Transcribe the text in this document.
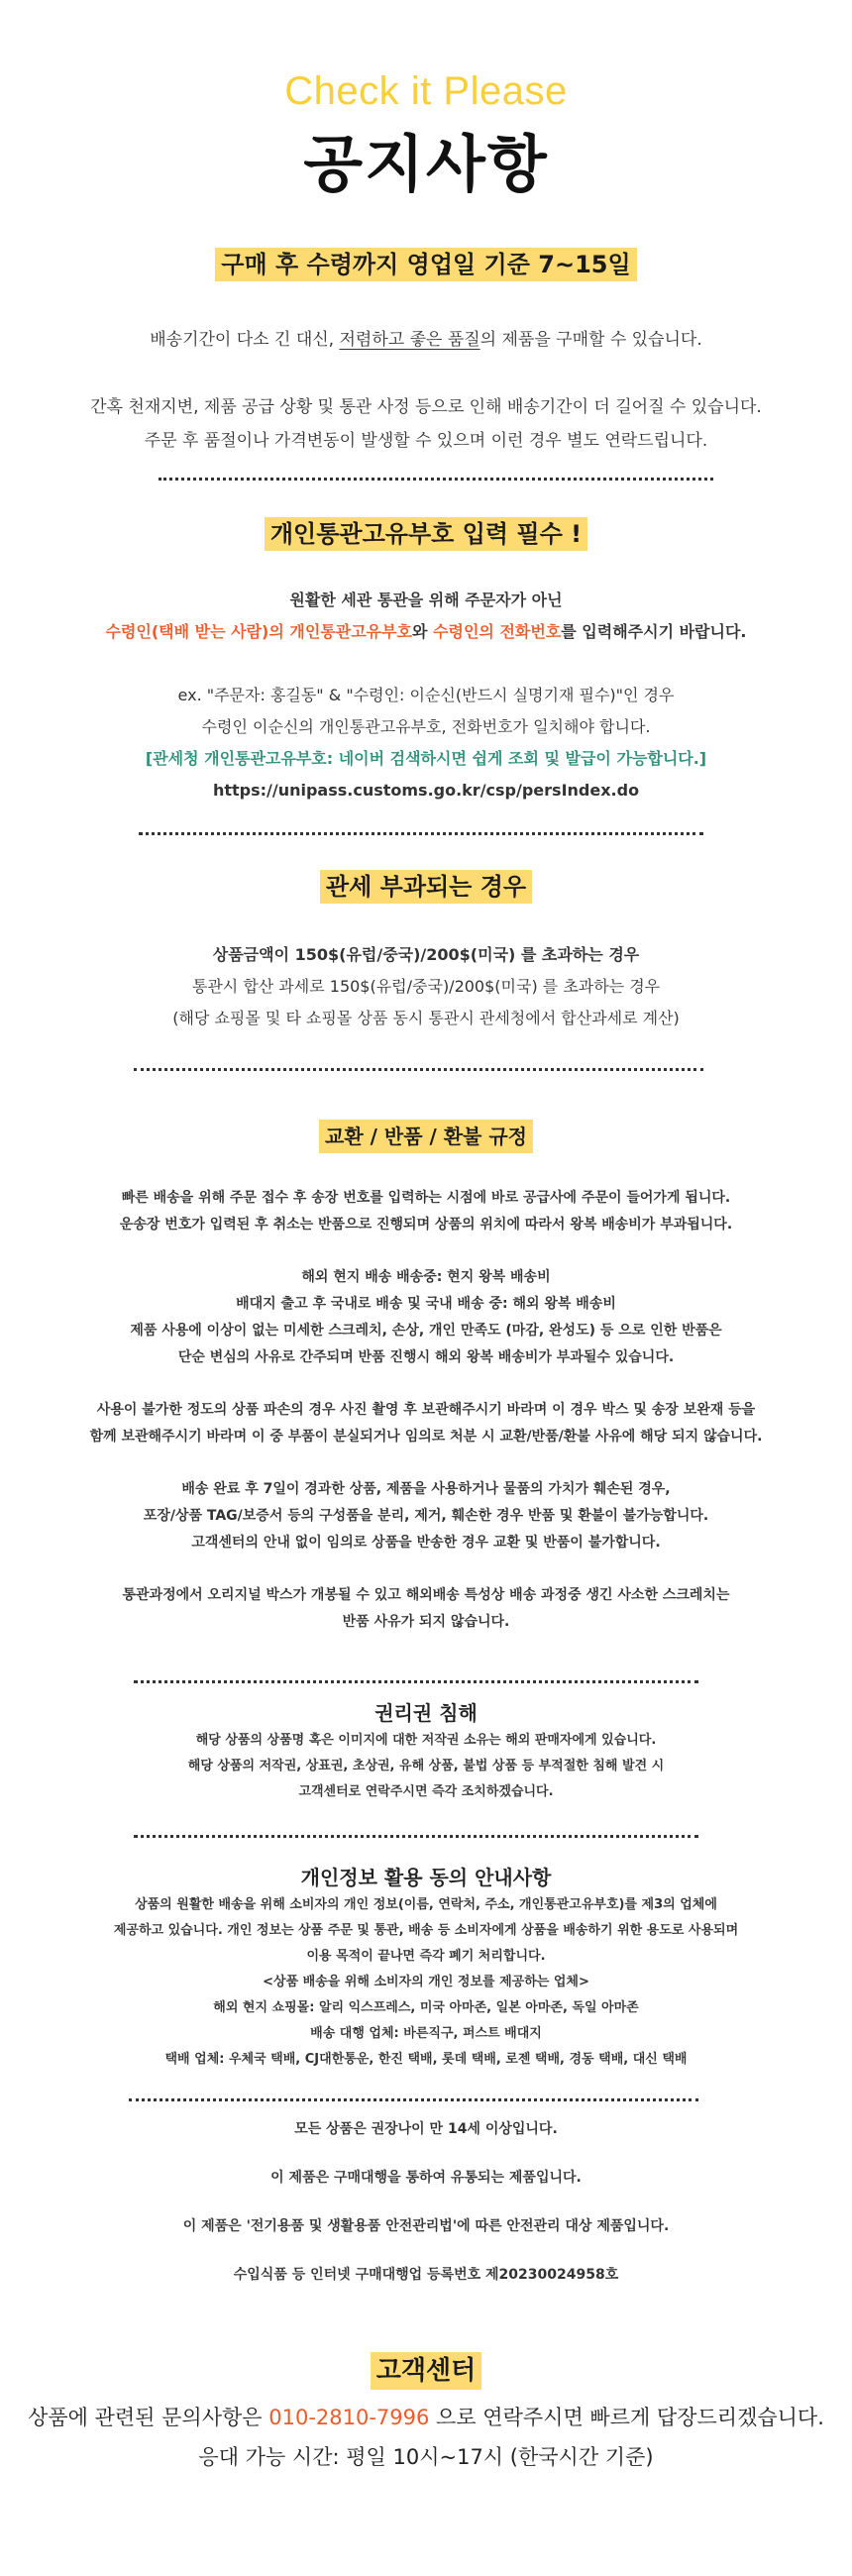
Check it Please
공지사항
구매 후 수령까지 영업일 기준 7~15일
배송기간이 다소 긴 대신, 저렴하고 좋은 품질의 제품을 구매할 수 있습니다.
간혹 천재지변, 제품 공급 상황 및 통관 사정 등으로 인해 배송기간이 더 길어질 수 있습니다.
주문 후 품절이나 가격변동이 발생할 수 있으며 이런 경우 별도 연락드립니다.
개인통관고유부호 입력 필수 !
원활한 세관 통관을 위해 주문자가 아닌
수령인(택배 받는 사람)의 개인통관고유부호와 수령인의 전화번호를 입력해주시기 바랍니다.
ex. "주문자: 홍길동" & "수령인: 이순신(반드시 실명기재 필수)"인 경우
수령인 이순신의 개인통관고유부호, 전화번호가 일치해야 합니다.
[관세청 개인통관고유부호: 네이버 검색하시면 쉽게 조회 및 발급이 가능합니다.]
https://unipass.customs.go.kr/csp/persIndex.do
관세 부과되는 경우
상품금액이 150$(유럽/중국)/200$(미국) 를 초과하는 경우
통관시 합산 과세로 150$(유럽/중국)/200$(미국) 를 초과하는 경우
(해당 쇼핑몰 및 타 쇼핑몰 상품 동시 통관시 관세청에서 합산과세로 계산)
교환 / 반품 / 환불 규정
빠른 배송을 위해 주문 접수 후 송장 번호를 입력하는 시점에 바로 공급사에 주문이 들어가게 됩니다.
운송장 번호가 입력된 후 취소는 반품으로 진행되며 상품의 위치에 따라서 왕복 배송비가 부과됩니다.
해외 현지 배송 배송중: 현지 왕복 배송비
배대지 출고 후 국내로 배송 및 국내 배송 중: 해외 왕복 배송비
제품 사용에 이상이 없는 미세한 스크레치, 손상, 개인 만족도 (마감, 완성도) 등 으로 인한 반품은
단순 변심의 사유로 간주되며 반품 진행시 해외 왕복 배송비가 부과될수 있습니다.
사용이 불가한 정도의 상품 파손의 경우 사진 촬영 후 보관해주시기 바라며 이 경우 박스 및 송장 보완재 등을
함께 보관해주시기 바라며 이 중 부품이 분실되거나 임의로 처분 시 교환/반품/환불 사유에 해당 되지 않습니다.
배송 완료 후 7일이 경과한 상품, 제품을 사용하거나 물품의 가치가 훼손된 경우,
포장/상품 TAG/보증서 등의 구성품을 분리, 제거, 훼손한 경우 반품 및 환불이 불가능합니다.
고객센터의 안내 없이 임의로 상품을 반송한 경우 교환 및 반품이 불가합니다.
통관과정에서 오리지널 박스가 개봉될 수 있고 해외배송 특성상 배송 과정중 생긴 사소한 스크레치는
반품 사유가 되지 않습니다.
권리권 침해
해당 상품의 상품명 혹은 이미지에 대한 저작권 소유는 해외 판매자에게 있습니다.
해당 상품의 저작권, 상표권, 초상권, 유해 상품, 불법 상품 등 부적절한 침해 발견 시
고객센터로 연락주시면 즉각 조치하겠습니다.
개인정보 활용 동의 안내사항
상품의 원활한 배송을 위해 소비자의 개인 정보(이름, 연락처, 주소, 개인통관고유부호)를 제3의 업체에
제공하고 있습니다. 개인 정보는 상품 주문 및 통관, 배송 등 소비자에게 상품을 배송하기 위한 용도로 사용되며
이용 목적이 끝나면 즉각 폐기 처리합니다.
<상품 배송을 위해 소비자의 개인 정보를 제공하는 업체>
해외 현지 쇼핑몰: 알리 익스프레스, 미국 아마존, 일본 아마존, 독일 아마존
배송 대행 업체: 바른직구, 퍼스트 배대지
택배 업체: 우체국 택배, CJ대한통운, 한진 택배, 롯데 택배, 로젠 택배, 경동 택배, 대신 택배
모든 상품은 권장나이 만 14세 이상입니다.
이 제품은 구매대행을 통하여 유통되는 제품입니다.
이 제품은 '전기용품 및 생활용품 안전관리법'에 따른 안전관리 대상 제품입니다.
수입식품 등 인터넷 구매대행업 등록번호 제20230024958호
고객센터
상품에 관련된 문의사항은 010-2810-7996 으로 연락주시면 빠르게 답장드리겠습니다.
응대 가능 시간: 평일 10시~17시 (한국시간 기준)
